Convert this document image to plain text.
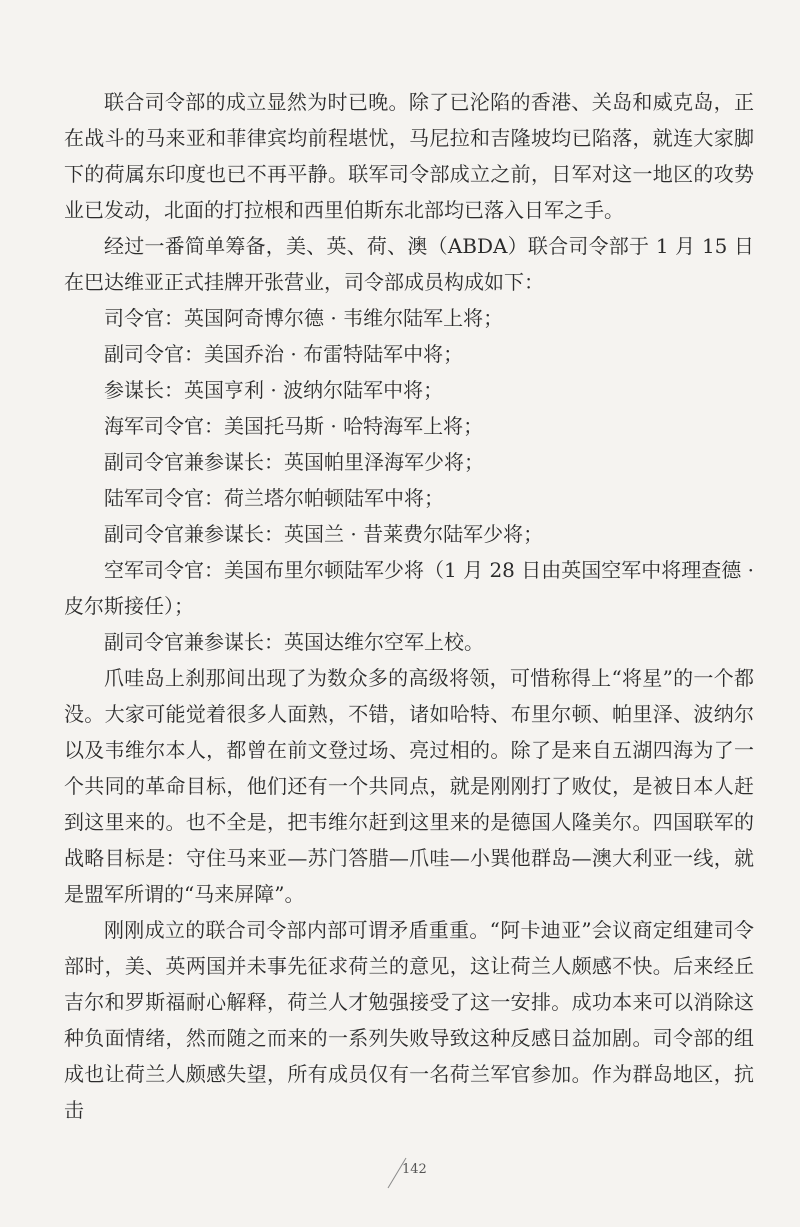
联合司令部的成立显然为时已晚。除了已沦陷的香港、关岛和威克岛，正在战斗的马来亚和菲律宾均前程堪忧，马尼拉和吉隆坡均已陷落，就连大家脚下的荷属东印度也已不再平静。联军司令部成立之前，日军对这一地区的攻势业已发动，北面的打拉根和西里伯斯东北部均已落入日军之手。

经过一番简单筹备，美、英、荷、澳（ABDA）联合司令部于 1 月 15 日在巴达维亚正式挂牌开张营业，司令部成员构成如下：

司令官：英国阿奇博尔德 · 韦维尔陆军上将；

副司令官：美国乔治 · 布雷特陆军中将；

参谋长：英国亨利 · 波纳尔陆军中将；

海军司令官：美国托马斯 · 哈特海军上将；

副司令官兼参谋长：英国帕里泽海军少将；

陆军司令官：荷兰塔尔帕顿陆军中将；

副司令官兼参谋长：英国兰 · 昔莱费尔陆军少将；

空军司令官：美国布里尔顿陆军少将（1 月 28 日由英国空军中将理查德 · 皮尔斯接任）；

副司令官兼参谋长：英国达维尔空军上校。

爪哇岛上刹那间出现了为数众多的高级将领，可惜称得上“将星”的一个都没。大家可能觉着很多人面熟，不错，诸如哈特、布里尔顿、帕里泽、波纳尔以及韦维尔本人，都曾在前文登过场、亮过相的。除了是来自五湖四海为了一个共同的革命目标，他们还有一个共同点，就是刚刚打了败仗，是被日本人赶到这里来的。也不全是，把韦维尔赶到这里来的是德国人隆美尔。四国联军的战略目标是：守住马来亚—苏门答腊—爪哇—小巽他群岛—澳大利亚一线，就是盟军所谓的“马来屏障”。

刚刚成立的联合司令部内部可谓矛盾重重。“阿卡迪亚”会议商定组建司令部时，美、英两国并未事先征求荷兰的意见，这让荷兰人颇感不快。后来经丘吉尔和罗斯福耐心解释，荷兰人才勉强接受了这一安排。成功本来可以消除这种负面情绪，然而随之而来的一系列失败导致这种反感日益加剧。司令部的组成也让荷兰人颇感失望，所有成员仅有一名荷兰军官参加。作为群岛地区，抗击

142
